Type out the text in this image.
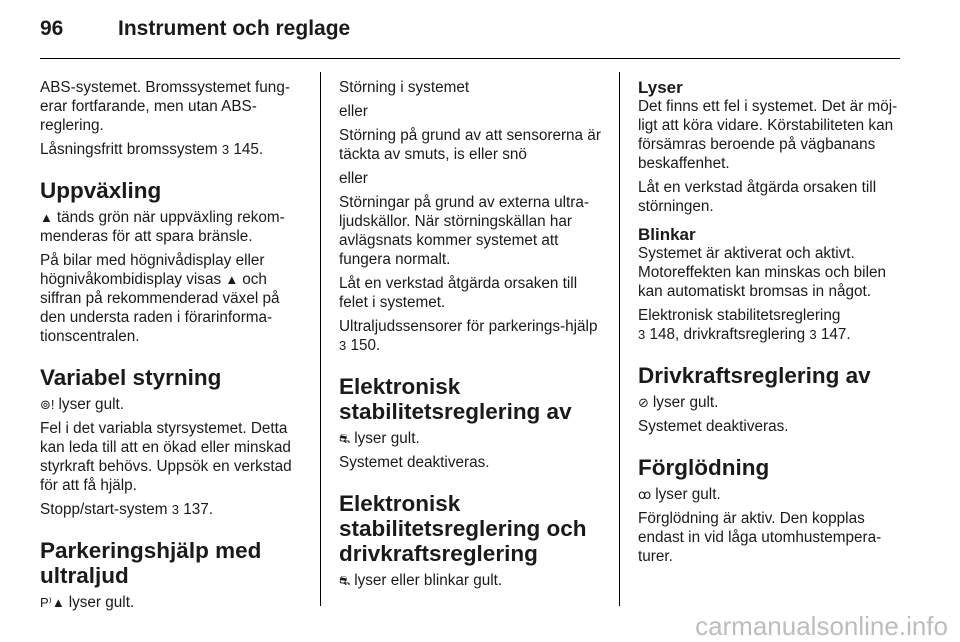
96	Instrument och reglage

ABS-systemet. Bromssystemet fung-erar fortfarande, men utan ABS-reglering.

Låsningsfritt bromssystem 3 145.

Uppväxling

▲ tänds grön när uppväxling rekom-menderas för att spara bränsle.

På bilar med högnivådisplay eller högnivåkombidisplay visas ▲ och siffran på rekommenderad växel på den understa raden i förarinforma-tionscentralen.

Variabel styrning

⊚! lyser gult.

Fel i det variabla styrsystemet. Detta kan leda till att en ökad eller minskad styrkraft behövs. Uppsök en verkstad för att få hjälp.

Stopp/start-system 3 137.

Parkeringshjälp med ultraljud

P⁾▲ lyser gult.

Störning i systemet

eller

Störning på grund av att sensorerna är täckta av smuts, is eller snö

eller

Störningar på grund av externa ultra-ljudskällor. När störningskällan har avlägsnats kommer systemet att fungera normalt.

Låt en verkstad åtgärda orsaken till felet i systemet.

Ultraljudssensorer för parkerings-hjälp 3 150.

Elektronisk stabilitetsreglering av

⛐ lyser gult.

Systemet deaktiveras.

Elektronisk stabilitetsreglering och drivkraftsreglering

⛐ lyser eller blinkar gult.

Lyser

Det finns ett fel i systemet. Det är möj-ligt att köra vidare. Körstabiliteten kan försämras beroende på vägbanans beskaffenhet.

Låt en verkstad åtgärda orsaken till störningen.

Blinkar

Systemet är aktiverat och aktivt. Motoreffekten kan minskas och bilen kan automatiskt bromsas in något.

Elektronisk stabilitetsreglering
3 148, drivkraftsreglering 3 147.

Drivkraftsreglering av

⊘ lyser gult.

Systemet deaktiveras.

Förglödning

ꝏ lyser gult.

Förglödning är aktiv. Den kopplas endast in vid låga utomhustempera-turer.

carmanualsonline.info
